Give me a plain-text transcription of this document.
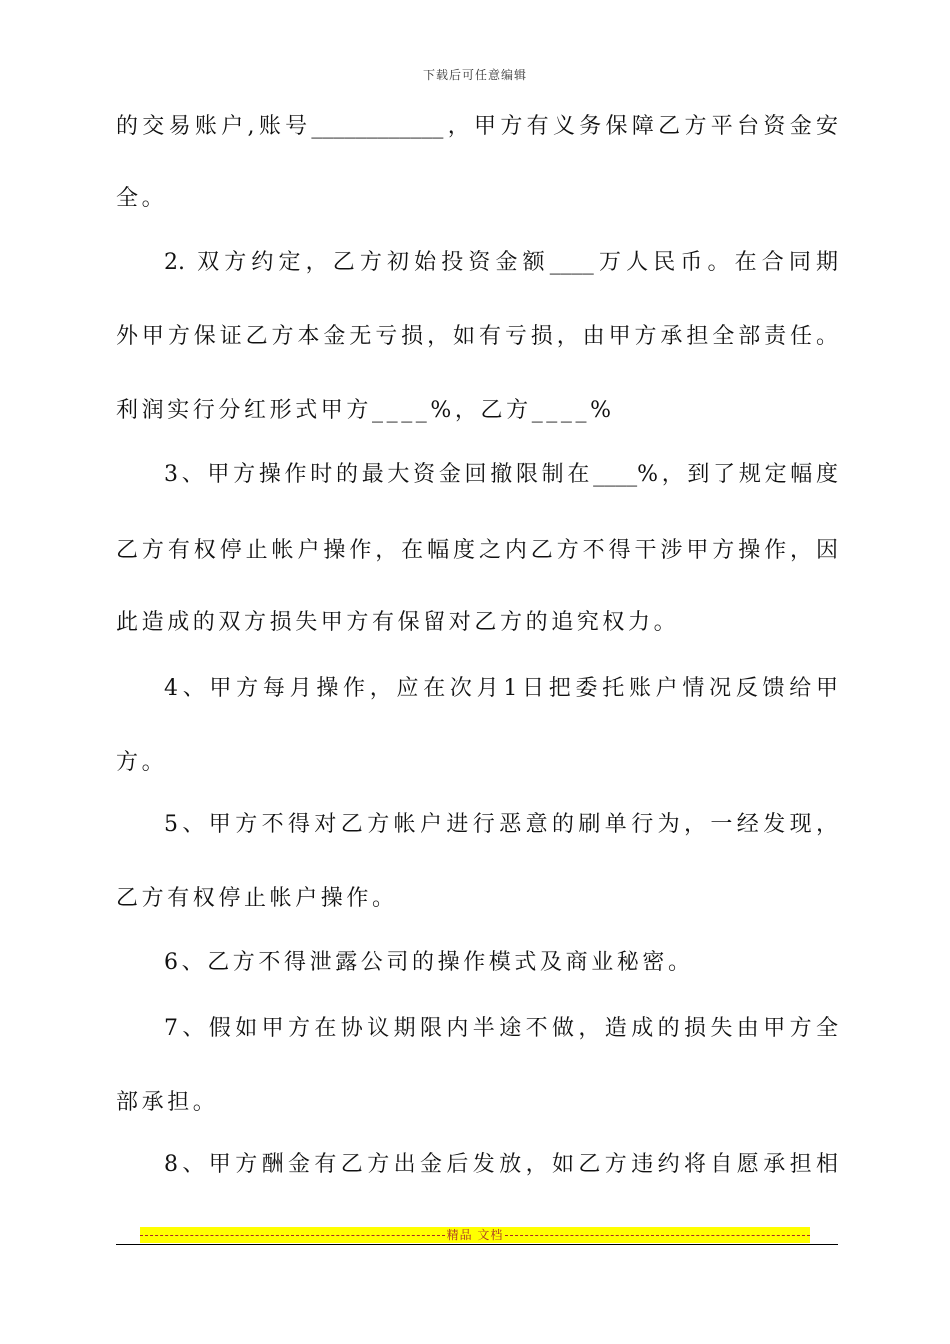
下载后可任意编辑
的交易账户,账号____________，甲方有义务保障乙方平台资金安
全。
2. 双方约定，乙方初始投资金额____万人民币。在合同期
外甲方保证乙方本金无亏损，如有亏损，由甲方承担全部责任。
利润实行分红形式甲方____%，乙方____%
3、甲方操作时的最大资金回撤限制在____%，到了规定幅度
乙方有权停止帐户操作，在幅度之内乙方不得干涉甲方操作，因
此造成的双方损失甲方有保留对乙方的追究权力。
4、甲方每月操作，应在次月1日把委托账户情况反馈给甲
方。
5、甲方不得对乙方帐户进行恶意的刷单行为，一经发现，
乙方有权停止帐户操作。
6、乙方不得泄露公司的操作模式及商业秘密。
7、假如甲方在协议期限内半途不做，造成的损失由甲方全
部承担。
8、甲方酬金有乙方出金后发放，如乙方违约将自愿承担相
精品 文档
